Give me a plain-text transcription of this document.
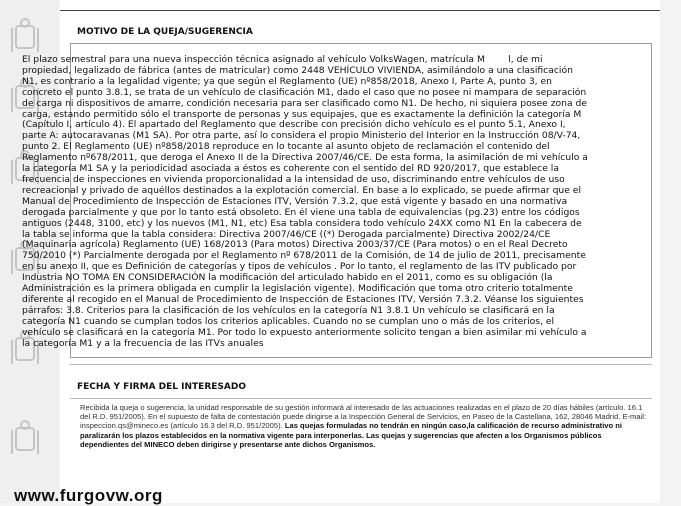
MOTIVO DE LA QUEJA/SUGERENCIA
FECHA Y FIRMA DEL INTERESADO
Recibida la queja o sugerencia, la unidad responsable de su gestión informará al interesado de las actuaciones realizadas en el plazo de 20 días hábiles (artículo. 16.1 del R.D. 951/2005). En el supuesto de falta de contestación puede dirigirse a la Inspección General de Servicios, en Paseo de la Castellana, 162, 28046 Madrid. E-mail: inspeccion.qs@mineco.es (artículo 16.3 del R.D. 951/2005). Las quejas formuladas no tendrán en ningún caso,la calificación de recurso administrativo ni paralizarán los plazos establecidos en la normativa vigente para interponerlas. Las quejas y sugerencias que afecten a los Organismos públicos dependientes del MINECO deben dirigirse y presentarse ante dichos Organismos.
El plazo semestral para una nueva inspección técnica asignado al vehículo VolksWagen, matrícula M        l, de mi propiedad, legalizado de fábrica (antes de matricular) como 2448 VEHÍCULO VIVIENDA, asimilándolo a una clasificación N1, es contrario a la legalidad vigente; ya que según el Reglamento (UE) nº858/2018, Anexo I, Parte A, punto 3, en concreto el punto 3.8.1, se trata de un vehículo de clasificación M1, dado el caso que no posee ni mampara de separación de carga ni dispositivos de amarre, condición necesaria para ser clasificado como N1. De hecho, ni siquiera posee zona de carga, estando permitido sólo el transporte de personas y sus equipajes, que es exactamente la definición la categoría M (Capítulo I, artículo 4). El apartado del Reglamento que describe con precisión dicho vehículo es el punto 5.1, Anexo I, parte A: autocaravanas (M1 SA). Por otra parte, así lo considera el propio Ministerio del Interior en la Instrucción 08/V-74, punto 2. El Reglamento (UE) nº858/2018 reproduce en lo tocante al asunto objeto de reclamación el contenido del Reglamento nº678/2011, que deroga el Anexo II de la Directiva 2007/46/CE. De esta forma, la asimilación de mi vehículo a la categoría M1 SA y la periodicidad asociada a éstos es coherente con el sentido del RD 920/2017, que establece la frecuencia de inspecciones en vivienda proporcionalidad a la intensidad de uso, discriminando entre vehículos de uso recreacional y privado de aquéllos destinados a la explotación comercial. En base a lo explicado, se puede afirmar que el Manual de Procedimiento de Inspección de Estaciones ITV, Versión 7.3.2, que está vigente y basado en una normativa derogada parcialmente y que por lo tanto está obsoleto. En él viene una tabla de equivalencias (pg.23) entre los códigos antiguos (2448, 3100, etc) y los nuevos (M1, N1, etc) Esa tabla considera todo vehículo 24XX como N1 En la cabecera de la tabla se informa que la tabla considera: Directiva 2007/46/CE ((*) Derogada parcialmente) Directiva 2002/24/CE (Maquinaria agrícola) Reglamento (UE) 168/2013 (Para motos) Directiva 2003/37/CE (Para motos) o en el Real Decreto 750/2010 (*) Parcialmente derogada por el Reglamento nº 678/2011 de la Comisión, de 14 de julio de 2011, precisamente en su anexo II, que es Definición de categorías y tipos de vehículos . Por lo tanto, el reglamento de las ITV publicado por Industria NO TOMA EN CONSIDERACIÓN la modificación del articulado habido en el 2011, como es su obligación (la Administración es la primera obligada en cumplir la legislación vigente). Modificación que toma otro criterio totalmente diferente al recogido en el Manual de Procedimiento de Inspección de Estaciones ITV, Versión 7.3.2. Véanse los siguientes párrafos: 3.8. Criterios para la clasificación de los vehículos en la categoría N1 3.8.1 Un vehículo se clasificará en la categoría N1 cuando se cumplan todos los criterios aplicables. Cuando no se cumplan uno o más de los criterios, el vehículo se clasificará en la categoría M1. Por todo lo expuesto anteriormente solicito tengan a bien asimilar mi vehículo a la categoría M1 y a la frecuencia de las ITVs anuales
www.furgovw.org
